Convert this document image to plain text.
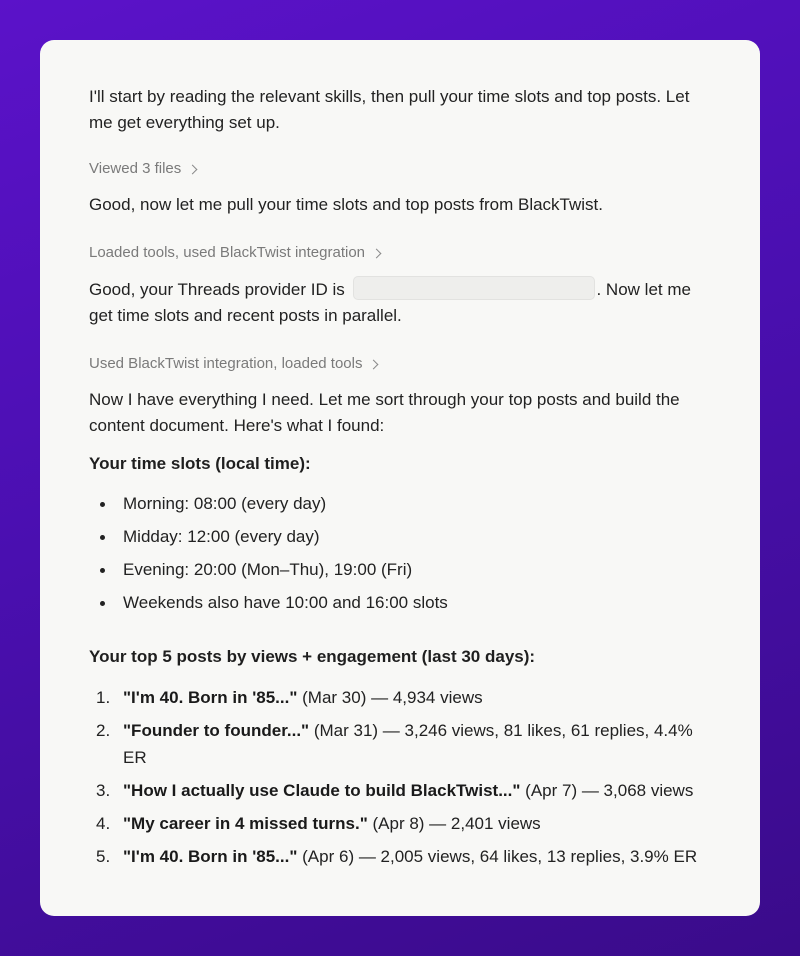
I'll start by reading the relevant skills, then pull your time slots and top posts. Let me get everything set up.

Viewed 3 files

Good, now let me pull your time slots and top posts from BlackTwist.

Loaded tools, used BlackTwist integration

Good, your Threads provider ID is	. Now let me get time slots and recent posts in parallel.

Used BlackTwist integration, loaded tools

Now I have everything I need. Let me sort through your top posts and build the content document. Here's what I found:

Your time slots (local time):
Morning: 08:00 (every day)
Midday: 12:00 (every day)
Evening: 20:00 (Mon–Thu), 19:00 (Fri)
Weekends also have 10:00 and 16:00 slots
Your top 5 posts by views + engagement (last 30 days):
1. "I'm 40. Born in '85..." (Mar 30) — 4,934 views
2. "Founder to founder..." (Mar 31) — 3,246 views, 81 likes, 61 replies, 4.4% ER
3. "How I actually use Claude to build BlackTwist..." (Apr 7) — 3,068 views
4. "My career in 4 missed turns." (Apr 8) — 2,401 views
5. "I'm 40. Born in '85..." (Apr 6) — 2,005 views, 64 likes, 13 replies, 3.9% ER
